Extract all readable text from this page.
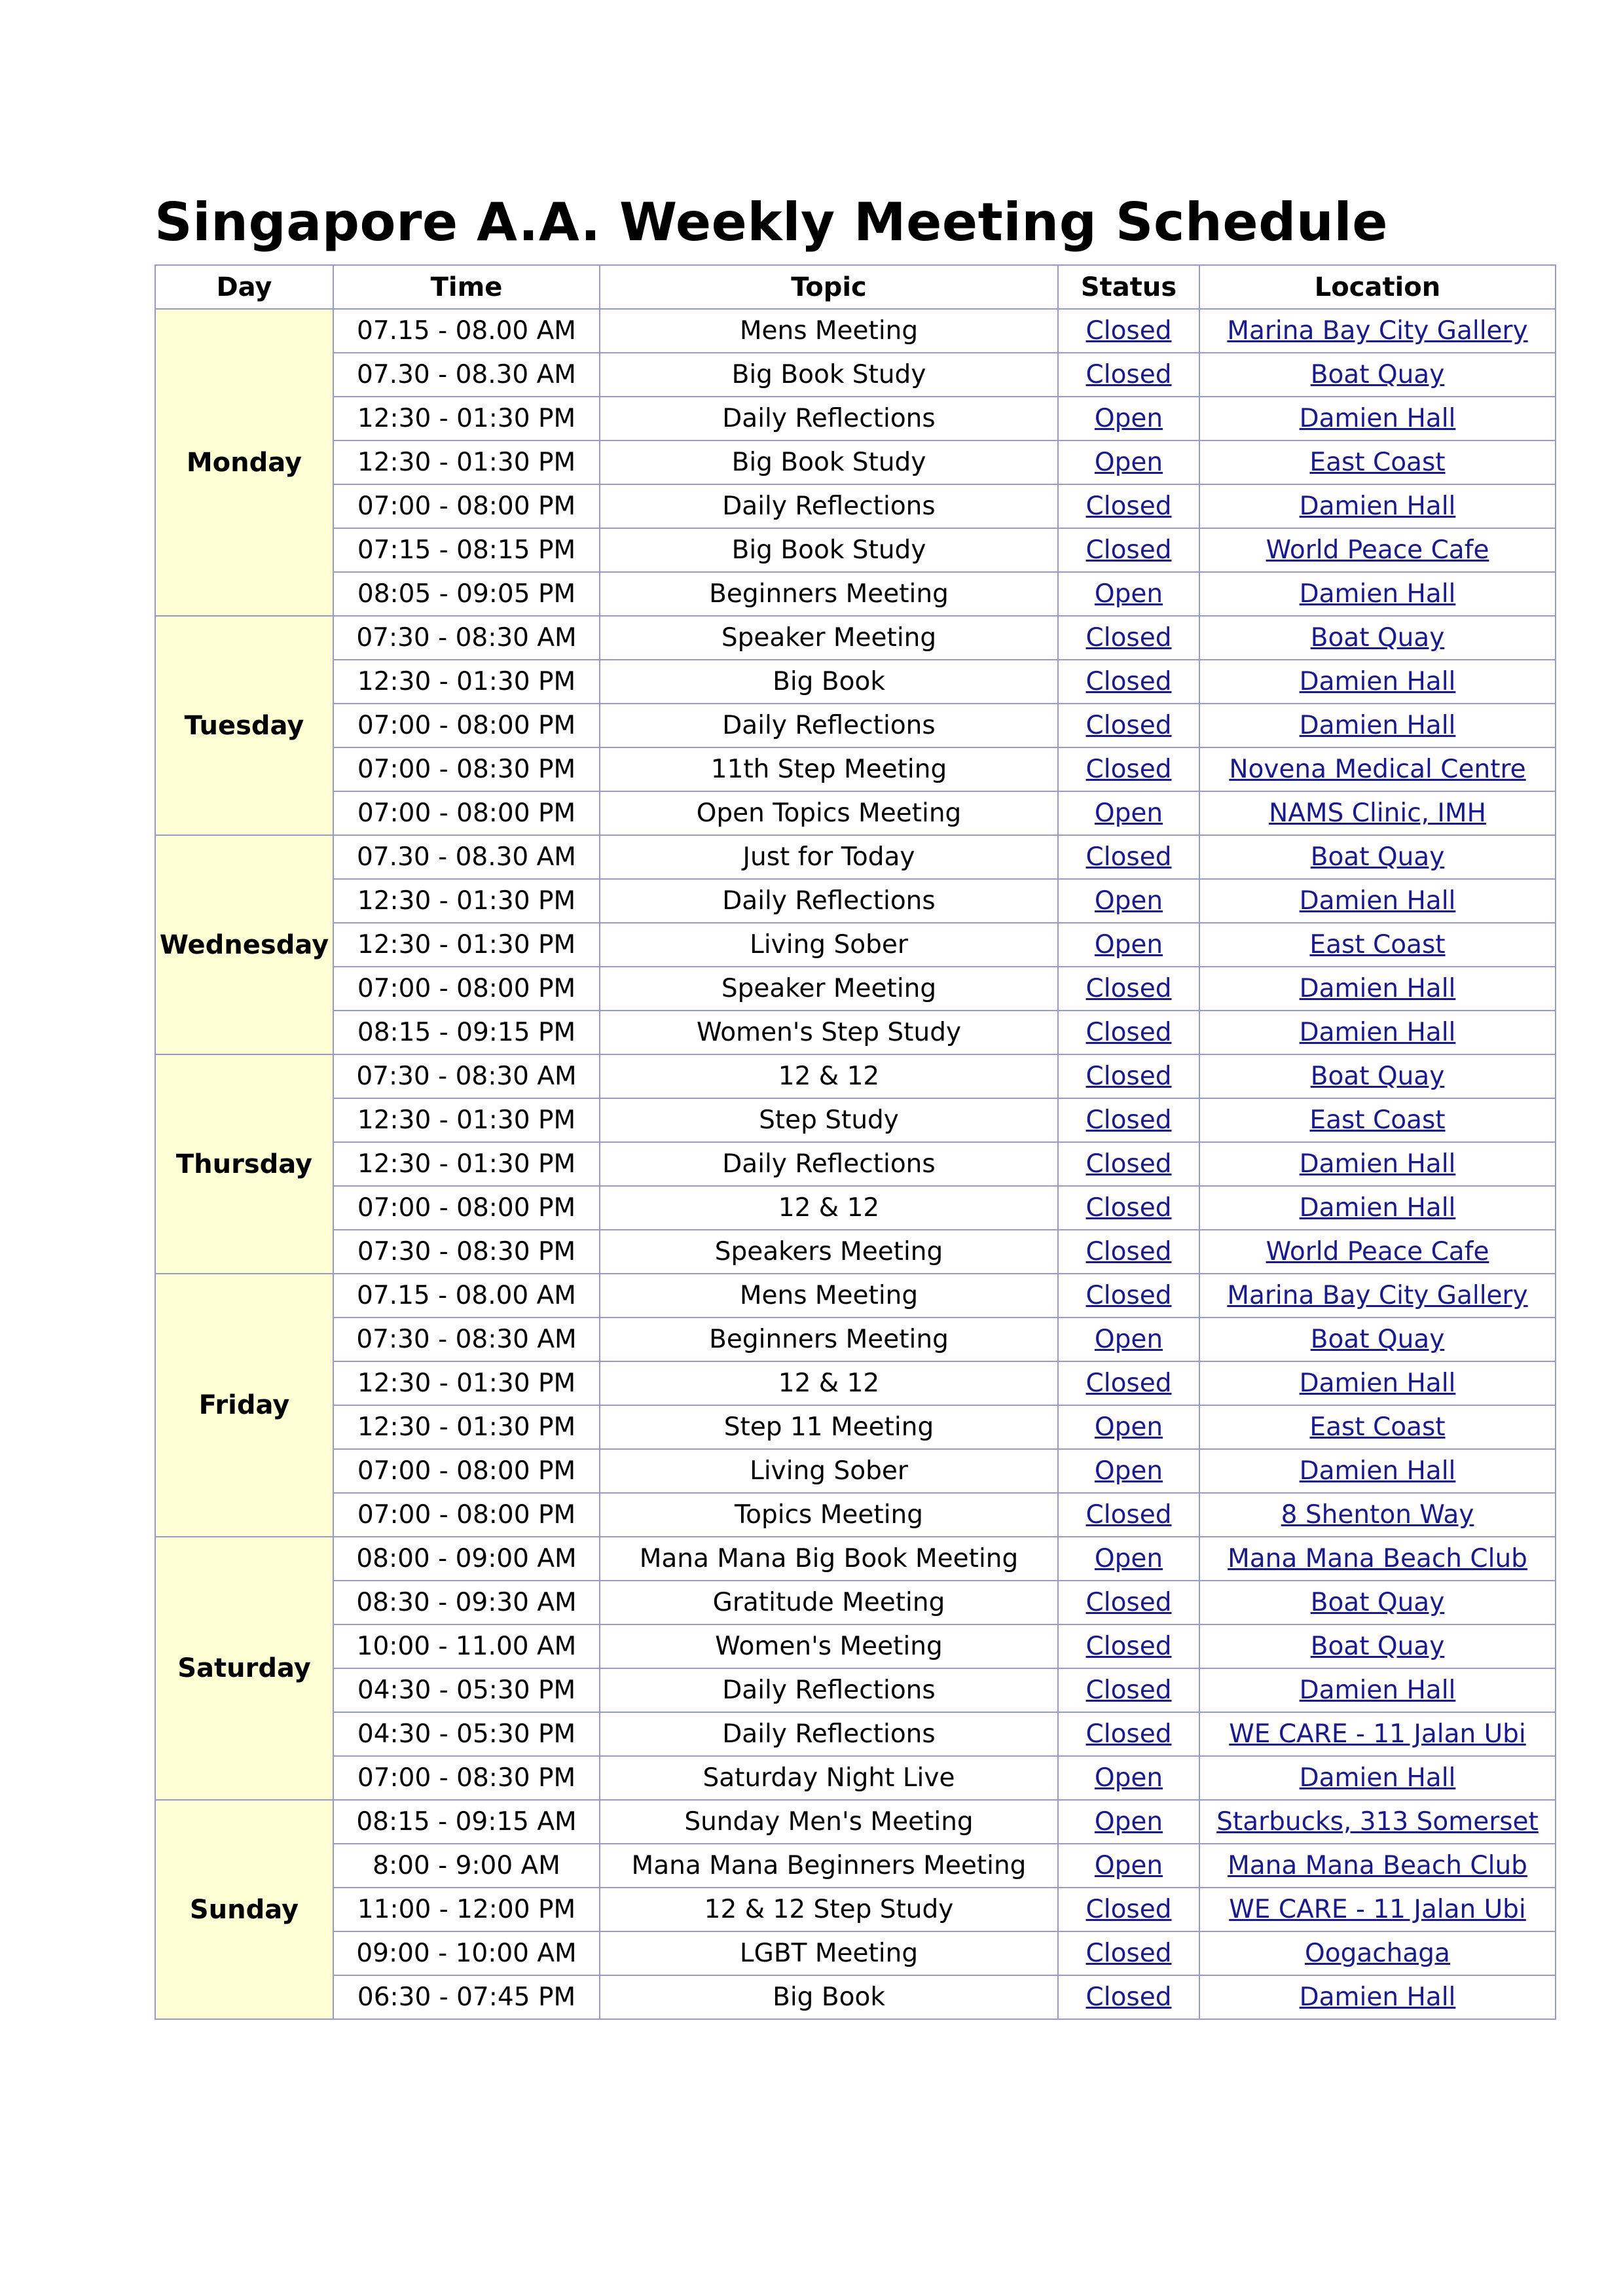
Singapore A.A. Weekly Meeting Schedule
Day	Time	Topic	Status	Location
Monday	07.15 - 08.00 AM	Mens Meeting	Closed	Marina Bay City Gallery
	07.30 - 08.30 AM	Big Book Study	Closed	Boat Quay
	12:30 - 01:30 PM	Daily Reflections	Open	Damien Hall
	12:30 - 01:30 PM	Big Book Study	Open	East Coast
	07:00 - 08:00 PM	Daily Reflections	Closed	Damien Hall
	07:15 - 08:15 PM	Big Book Study	Closed	World Peace Cafe
	08:05 - 09:05 PM	Beginners Meeting	Open	Damien Hall
Tuesday	07:30 - 08:30 AM	Speaker Meeting	Closed	Boat Quay
	12:30 - 01:30 PM	Big Book	Closed	Damien Hall
	07:00 - 08:00 PM	Daily Reflections	Closed	Damien Hall
	07:00 - 08:30 PM	11th Step Meeting	Closed	Novena Medical Centre
	07:00 - 08:00 PM	Open Topics Meeting	Open	NAMS Clinic, IMH
Wednesday	07.30 - 08.30 AM	Just for Today	Closed	Boat Quay
	12:30 - 01:30 PM	Daily Reflections	Open	Damien Hall
	12:30 - 01:30 PM	Living Sober	Open	East Coast
	07:00 - 08:00 PM	Speaker Meeting	Closed	Damien Hall
	08:15 - 09:15 PM	Women's Step Study	Closed	Damien Hall
Thursday	07:30 - 08:30 AM	12 & 12	Closed	Boat Quay
	12:30 - 01:30 PM	Step Study	Closed	East Coast
	12:30 - 01:30 PM	Daily Reflections	Closed	Damien Hall
	07:00 - 08:00 PM	12 & 12	Closed	Damien Hall
	07:30 - 08:30 PM	Speakers Meeting	Closed	World Peace Cafe
Friday	07.15 - 08.00 AM	Mens Meeting	Closed	Marina Bay City Gallery
	07:30 - 08:30 AM	Beginners Meeting	Open	Boat Quay
	12:30 - 01:30 PM	12 & 12	Closed	Damien Hall
	12:30 - 01:30 PM	Step 11 Meeting	Open	East Coast
	07:00 - 08:00 PM	Living Sober	Open	Damien Hall
	07:00 - 08:00 PM	Topics Meeting	Closed	8 Shenton Way
Saturday	08:00 - 09:00 AM	Mana Mana Big Book Meeting	Open	Mana Mana Beach Club
	08:30 - 09:30 AM	Gratitude Meeting	Closed	Boat Quay
	10:00 - 11.00 AM	Women's Meeting	Closed	Boat Quay
	04:30 - 05:30 PM	Daily Reflections	Closed	Damien Hall
	04:30 - 05:30 PM	Daily Reflections	Closed	WE CARE - 11 Jalan Ubi
	07:00 - 08:30 PM	Saturday Night Live	Open	Damien Hall
Sunday	08:15 - 09:15 AM	Sunday Men's Meeting	Open	Starbucks, 313 Somerset
	8:00 - 9:00 AM	Mana Mana Beginners Meeting	Open	Mana Mana Beach Club
	11:00 - 12:00 PM	12 & 12 Step Study	Closed	WE CARE - 11 Jalan Ubi
	09:00 - 10:00 AM	LGBT Meeting	Closed	Oogachaga
	06:30 - 07:45 PM	Big Book	Closed	Damien Hall
